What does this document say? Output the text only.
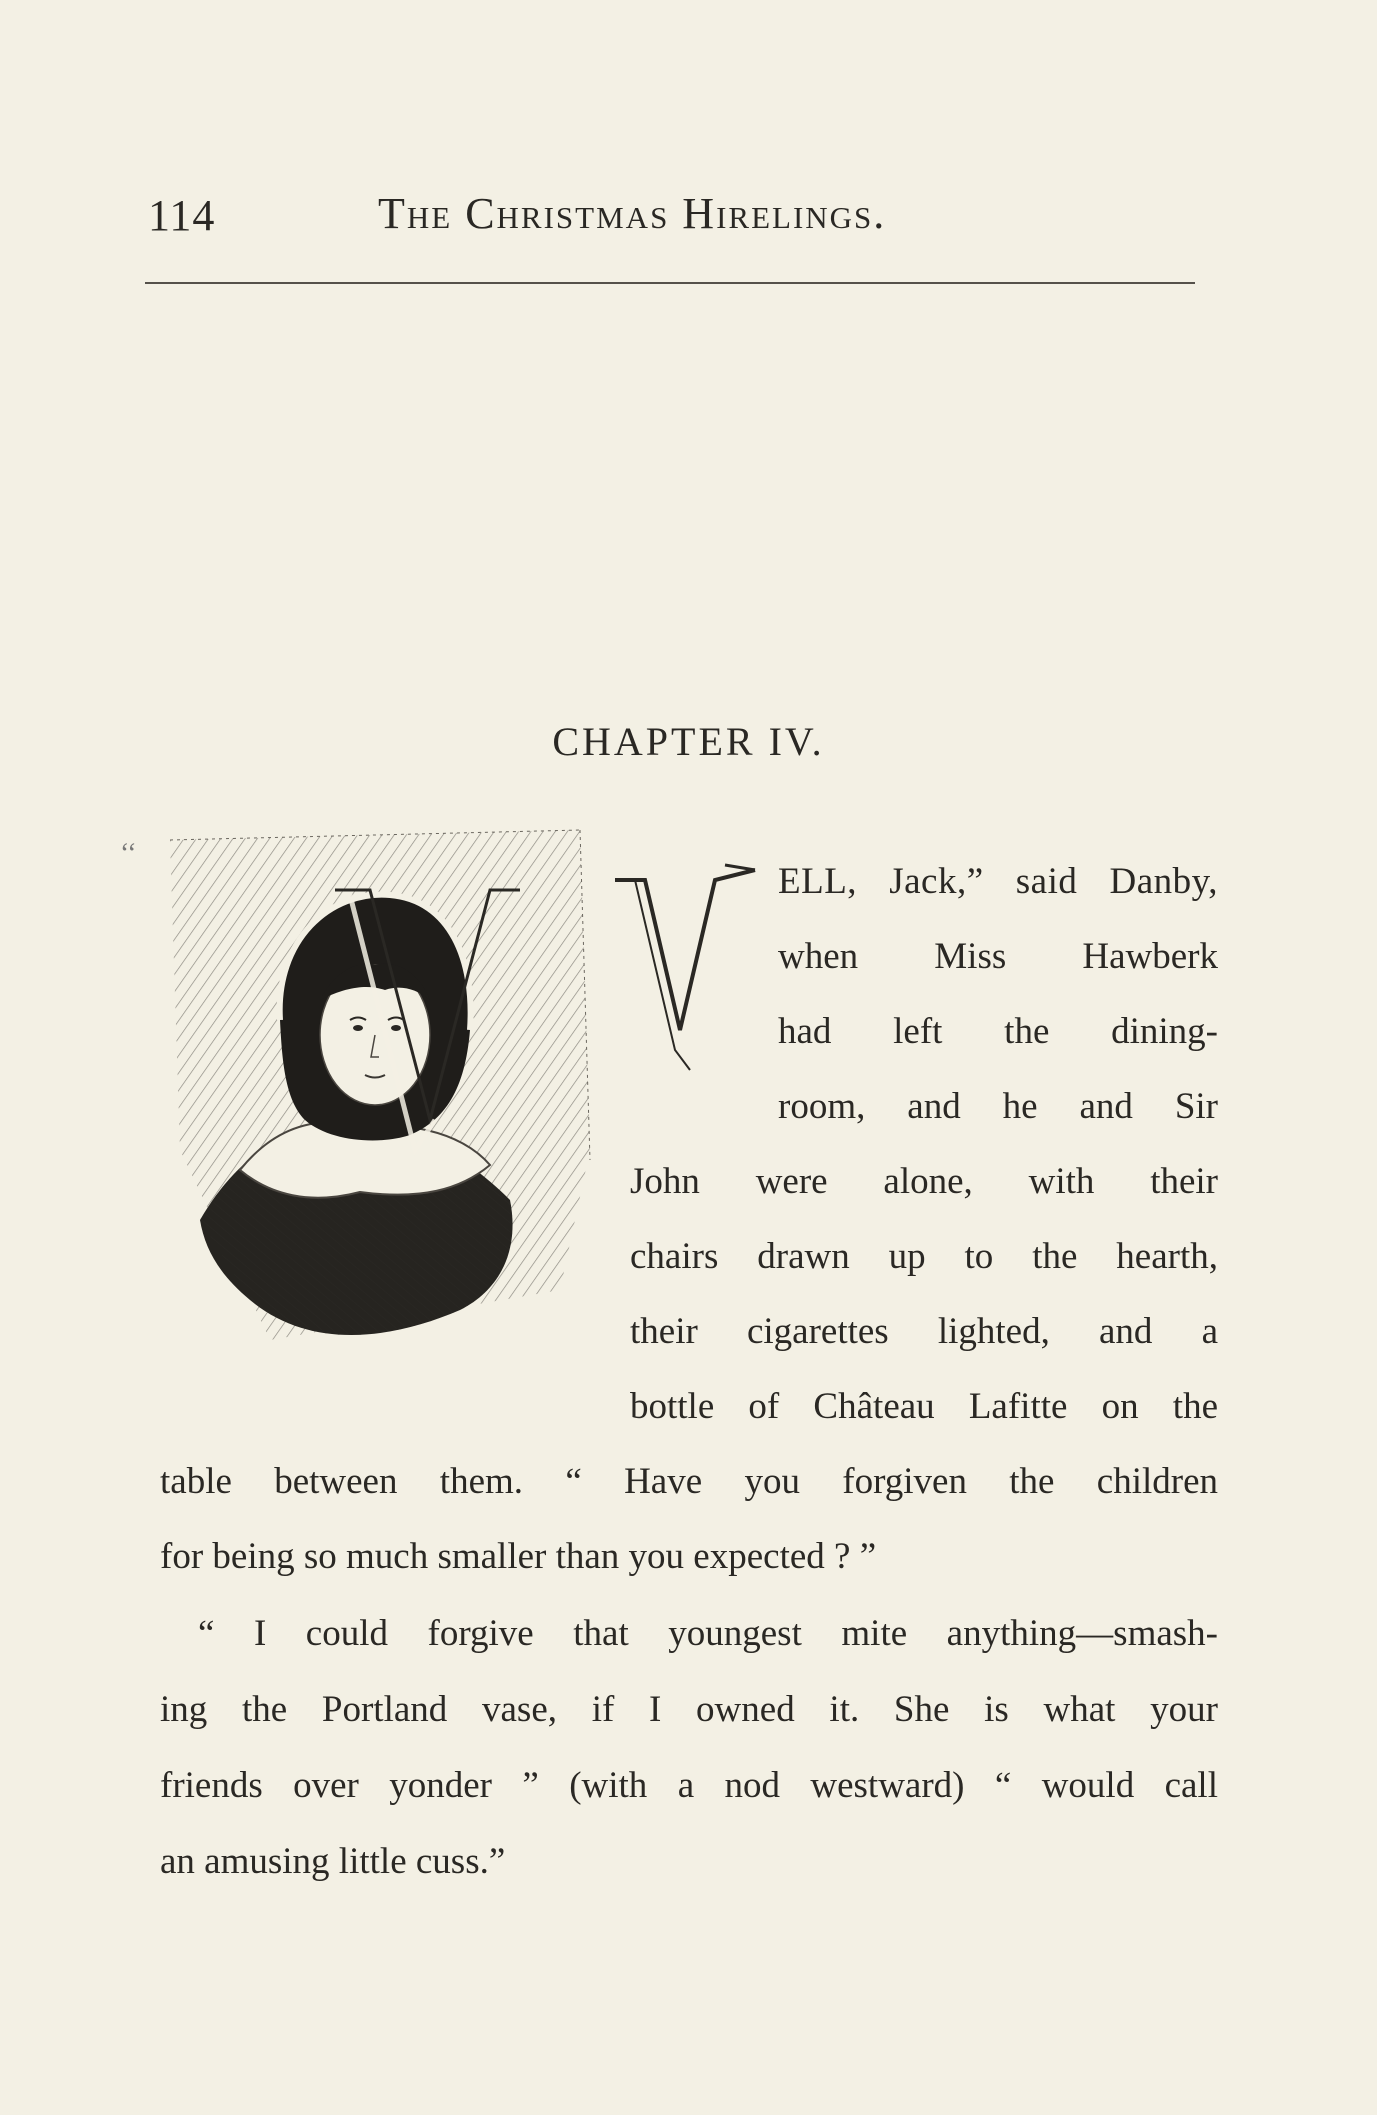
114	The Christmas Hirelings.
CHAPTER IV.
‘‘
ELL, Jack,” said Danby,
when Miss Hawberk
had left the dining-
room, and he and Sir
John were alone, with their
chairs drawn up to the hearth,
their cigarettes lighted, and a
bottle of Château Lafitte on the
table between them. “ Have you forgiven the children
for being so much smaller than you expected ? ”
“ I could forgive that youngest mite anything—smash-
ing the Portland vase, if I owned it. She is what your
friends over yonder ” (with a nod westward) “ would call
an amusing little cuss.”
